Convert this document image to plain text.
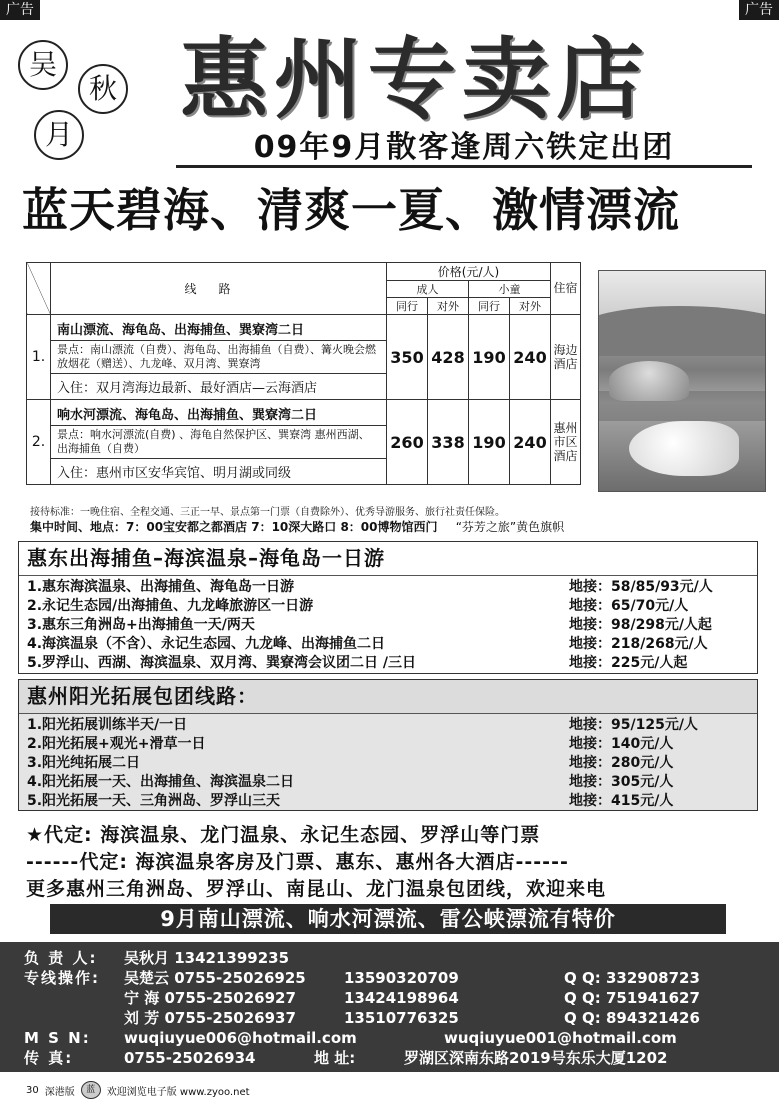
广告	广告
吴
秋
月
惠州专卖店
09年9月散客逢周六铁定出团
蓝天碧海、清爽一夏、激情漂流
	线路	价格(元/人)				住宿
		成人		小童		
		同行	对外	同行	对外	
1.	南山漂流、海龟岛、出海捕鱼、巽寮湾二日	350	428	190	240	海边酒店
	景点：南山漂流（自费）、海龟岛、出海捕鱼（自费）、篝火晚会燃放烟花（赠送）、九龙峰、双月湾、巽寮湾					
	入住：双月湾海边最新、最好酒店—云海酒店					
2.	响水河漂流、海龟岛、出海捕鱼、巽寮湾二日	260	338	190	240	惠州市区酒店
	景点：响水河漂流(自费) 、海龟自然保护区、巽寮湾 惠州西湖、出海捕鱼（自费）					
	入住：惠州市区安华宾馆、明月湖或同级					
接待标准：一晚住宿、全程交通、三正一早、景点第一门票（自费除外）、优秀导游服务、旅行社责任保险。
集中时间、地点：7：00宝安都之都酒店 7：10深大路口 8：00博物馆西门 “芬芳之旅”黄色旗帜
惠东出海捕鱼–海滨温泉–海龟岛一日游
1.惠东海滨温泉、出海捕鱼、海龟岛一日游	地接：58/85/93元/人
2.永记生态园/出海捕鱼、九龙峰旅游区一日游	地接：65/70元/人
3.惠东三角洲岛+出海捕鱼一天/两天	地接：98/298元/人起
4.海滨温泉（不含）、永记生态园、九龙峰、出海捕鱼二日	地接：218/268元/人
5.罗浮山、西湖、海滨温泉、双月湾、巽寮湾会议团二日 /三日	地接：225元/人起
惠州阳光拓展包团线路：
1.阳光拓展训练半天/一日	地接：95/125元/人
2.阳光拓展+观光+滑草一日	地接：140元/人
3.阳光纯拓展二日	地接：280元/人
4.阳光拓展一天、出海捕鱼、海滨温泉二日	地接：305元/人
5.阳光拓展一天、三角洲岛、罗浮山三天	地接：415元/人
★代定: 海滨温泉、龙门温泉、永记生态园、罗浮山等门票
------代定: 海滨温泉客房及门票、惠东、惠州各大酒店------
更多惠州三角洲岛、罗浮山、南昆山、龙门温泉包团线，欢迎来电
9月南山漂流、响水河漂流、雷公峡漂流有特价
负 责 人:	吴秋月 13421399235
专线操作:	吴楚云 0755-25026925	13590320709	Q Q: 332908723
宁 海 0755-25026927	13424198964	Q Q: 751941627
刘 芳 0755-25026937	13510776325	Q Q: 894321426
M S N:	wuqiuyue006@hotmail.com	wuqiuyue001@hotmail.com
传 真:	0755-25026934	地 址:	罗湖区深南东路2019号东乐大厦1202
30 深港版	蓝	欢迎浏览电子版 www.zyoo.net
